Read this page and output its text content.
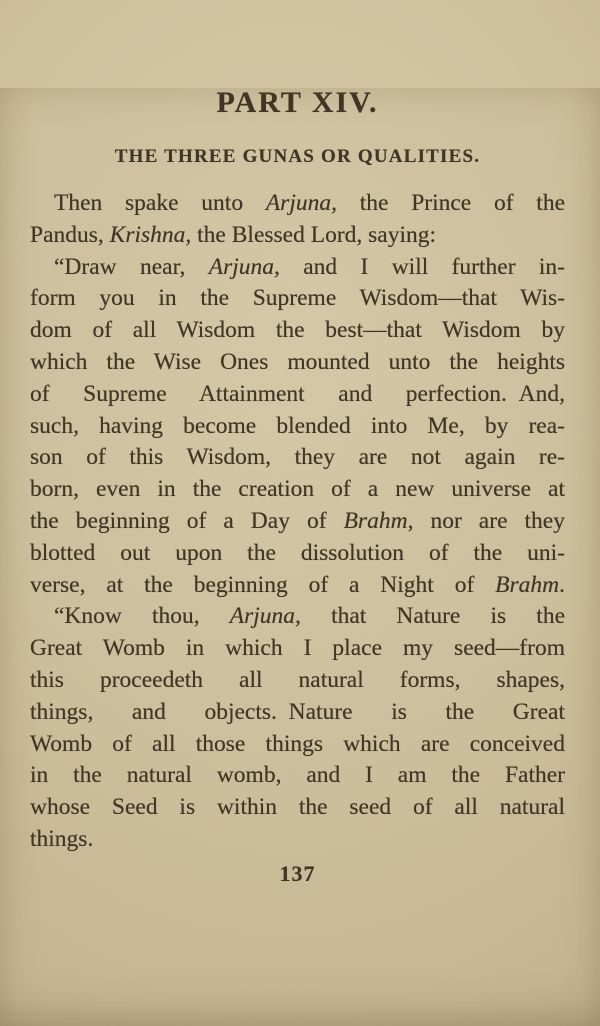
PART XIV.
THE THREE GUNAS OR QUALITIES.
Then spake unto Arjuna, the Prince of the
Pandus, Krishna, the Blessed Lord, saying:
“Draw near, Arjuna, and I will further in-
form you in the Supreme Wisdom—that Wis-
dom of all Wisdom the best—that Wisdom by
which the Wise Ones mounted unto the heights
of Supreme Attainment and perfection. And,
such, having become blended into Me, by rea-
son of this Wisdom, they are not again re-
born, even in the creation of a new universe at
the beginning of a Day of Brahm, nor are they
blotted out upon the dissolution of the uni-
verse, at the beginning of a Night of Brahm.
“Know thou, Arjuna, that Nature is the
Great Womb in which I place my seed—from
this proceedeth all natural forms, shapes,
things, and objects. Nature is the Great
Womb of all those things which are conceived
in the natural womb, and I am the Father
whose Seed is within the seed of all natural
things.
137
